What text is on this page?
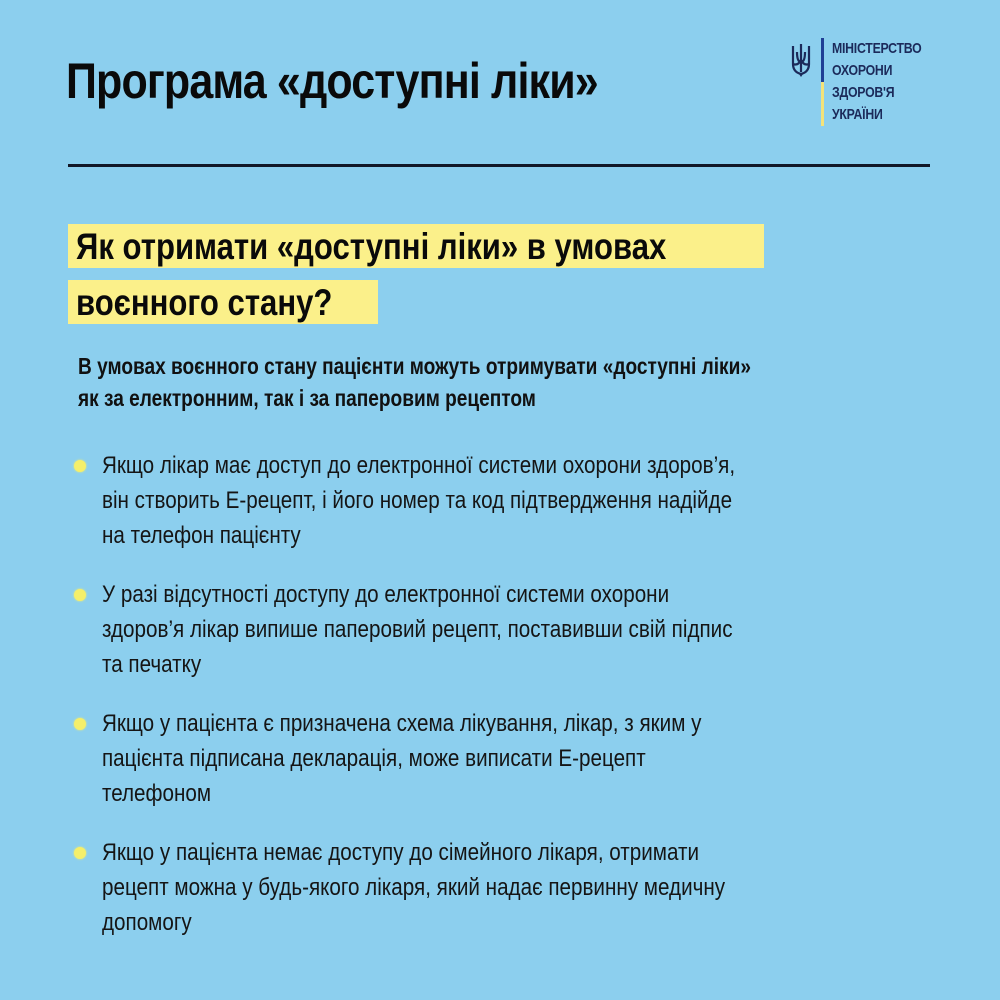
Програма «доступні ліки»
МІНІСТЕРСТВО
ОХОРОНИ
ЗДОРОВ'Я
УКРАЇНИ
Як отримати «доступні ліки» в умовах
воєнного стану?
В умовах воєнного стану пацієнти можуть отримувати «доступні ліки»
як за електронним, так і за паперовим рецептом
Якщо лікар має доступ до електронної системи охорони здоров’я,
він створить Е-рецепт, і його номер та код підтвердження надійде
на телефон пацієнту
У разі відсутності доступу до електронної системи охорони
здоров’я лікар випише паперовий рецепт, поставивши свій підпис
та печатку
Якщо у пацієнта є призначена схема лікування, лікар, з яким у
пацієнта підписана декларація, може виписати Е-рецепт
телефоном
Якщо у пацієнта немає доступу до сімейного лікаря, отримати
рецепт можна у будь-якого лікаря, який надає первинну медичну
допомогу
